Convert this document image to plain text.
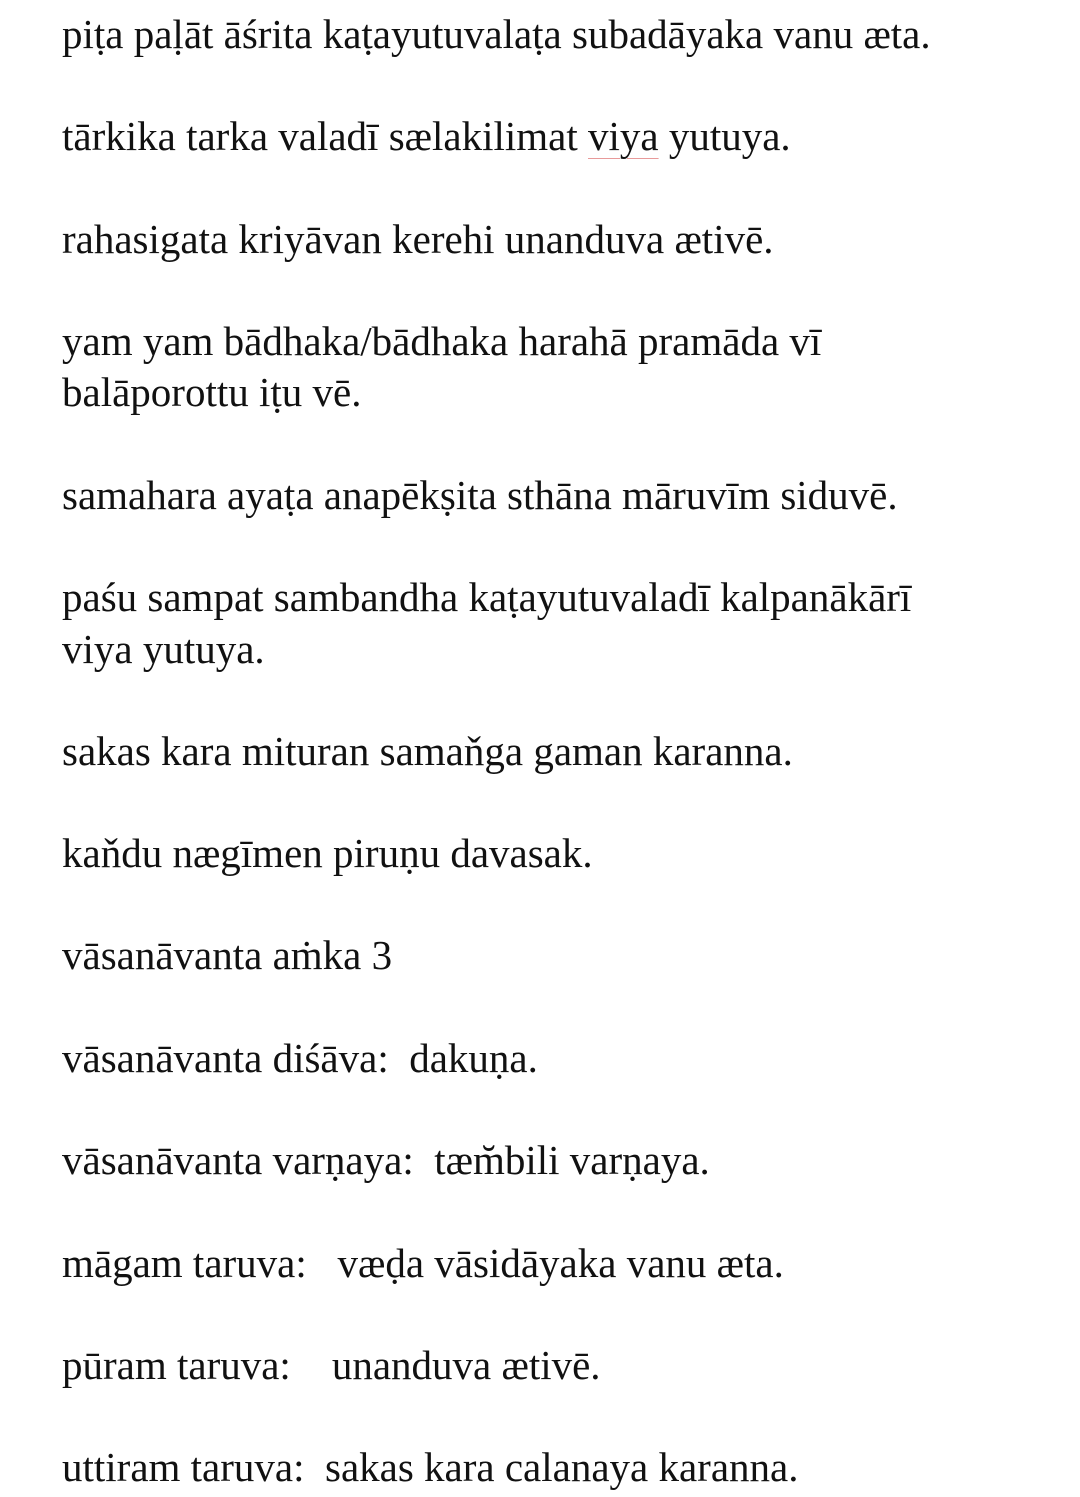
piṭa paḷāt āśrita kaṭayutuvalaṭa subadāyaka vanu æta.

tārkika tarka valadī sælakilimat viya yutuya.

rahasigata kriyāvan kerehi unanduva ætivē.

yam yam bādhaka/bādhaka harahā pramāda vī

balāporottu iṭu vē.

samahara ayaṭa anapēkṣita sthāna māruvīm siduvē.

paśu sampat sambandha kaṭayutuvaladī kalpanākārī

viya yutuya.

sakas kara mituran samaňga gaman karanna.

kaňdu nægīmen piruṇu davasak.

vāsanāvanta aṁka 3

vāsanāvanta diśāva:  dakuṇa.

vāsanāvanta varṇaya:  tæm̆bili varṇaya.

māgam taruva:   væḍa vāsidāyaka vanu æta.

pūram taruva:    unanduva ætivē.

uttiram taruva:  sakas kara calanaya karanna.
